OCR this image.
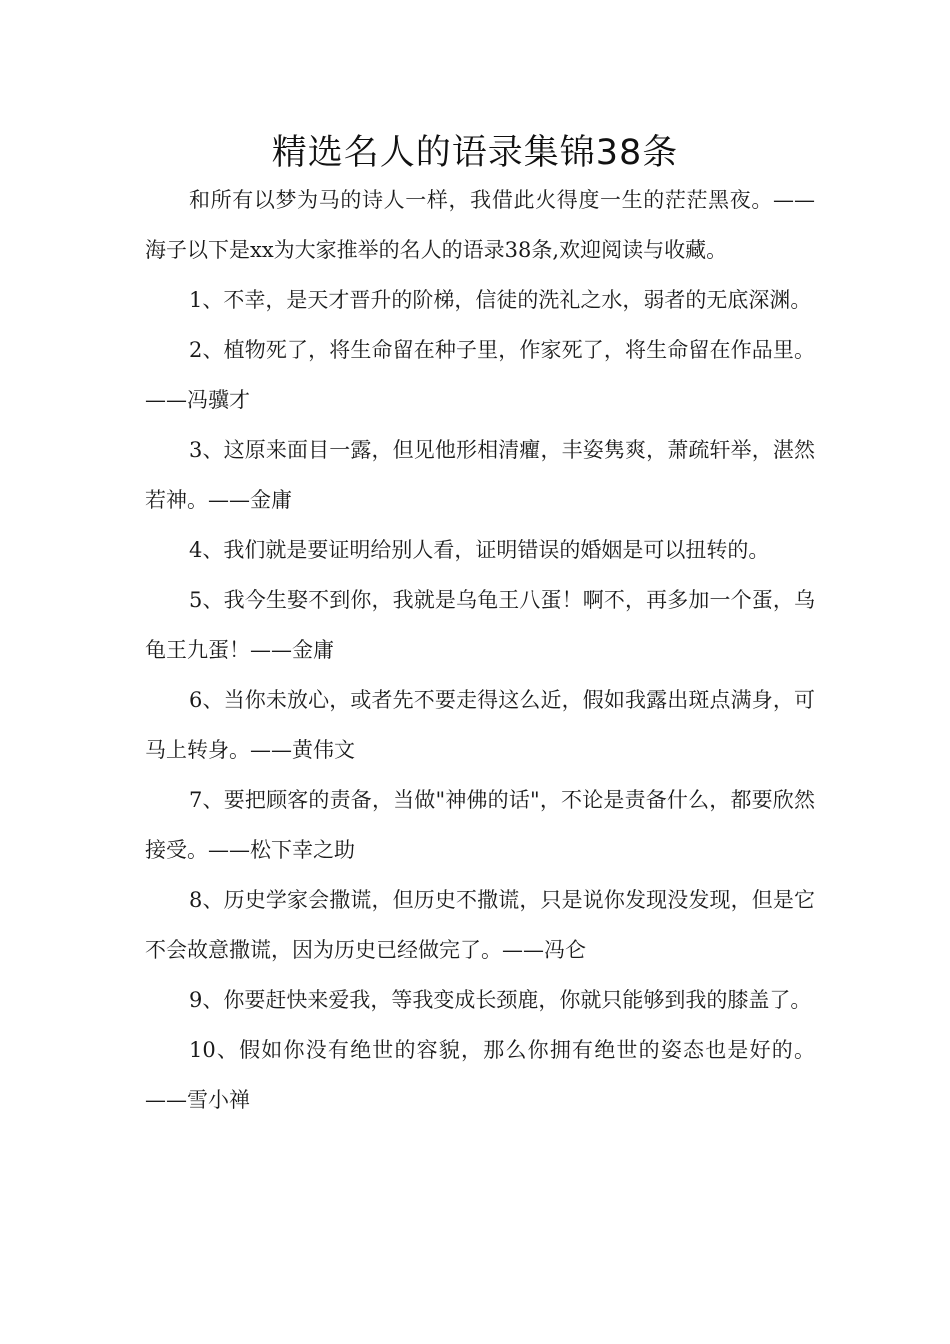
精选名人的语录集锦38条

和所有以梦为马的诗人一样，我借此火得度一生的茫茫黑夜。——海子以下是xx为大家推举的名人的语录38条,欢迎阅读与收藏。

1、不幸，是天才晋升的阶梯，信徒的洗礼之水，弱者的无底深渊。

2、植物死了，将生命留在种子里，作家死了，将生命留在作品里。——冯骥才

3、这原来面目一露，但见他形相清癯，丰姿隽爽，萧疏轩举，湛然若神。——金庸

4、我们就是要证明给别人看，证明错误的婚姻是可以扭转的。

5、我今生娶不到你，我就是乌龟王八蛋！啊不，再多加一个蛋，乌龟王九蛋！——金庸

6、当你未放心，或者先不要走得这么近，假如我露出斑点满身，可马上转身。——黄伟文

7、要把顾客的责备，当做"神佛的话"，不论是责备什么，都要欣然接受。——松下幸之助

8、历史学家会撒谎，但历史不撒谎，只是说你发现没发现，但是它不会故意撒谎，因为历史已经做完了。——冯仑

9、你要赶快来爱我，等我变成长颈鹿，你就只能够到我的膝盖了。

10、假如你没有绝世的容貌，那么你拥有绝世的姿态也是好的。——雪小禅
